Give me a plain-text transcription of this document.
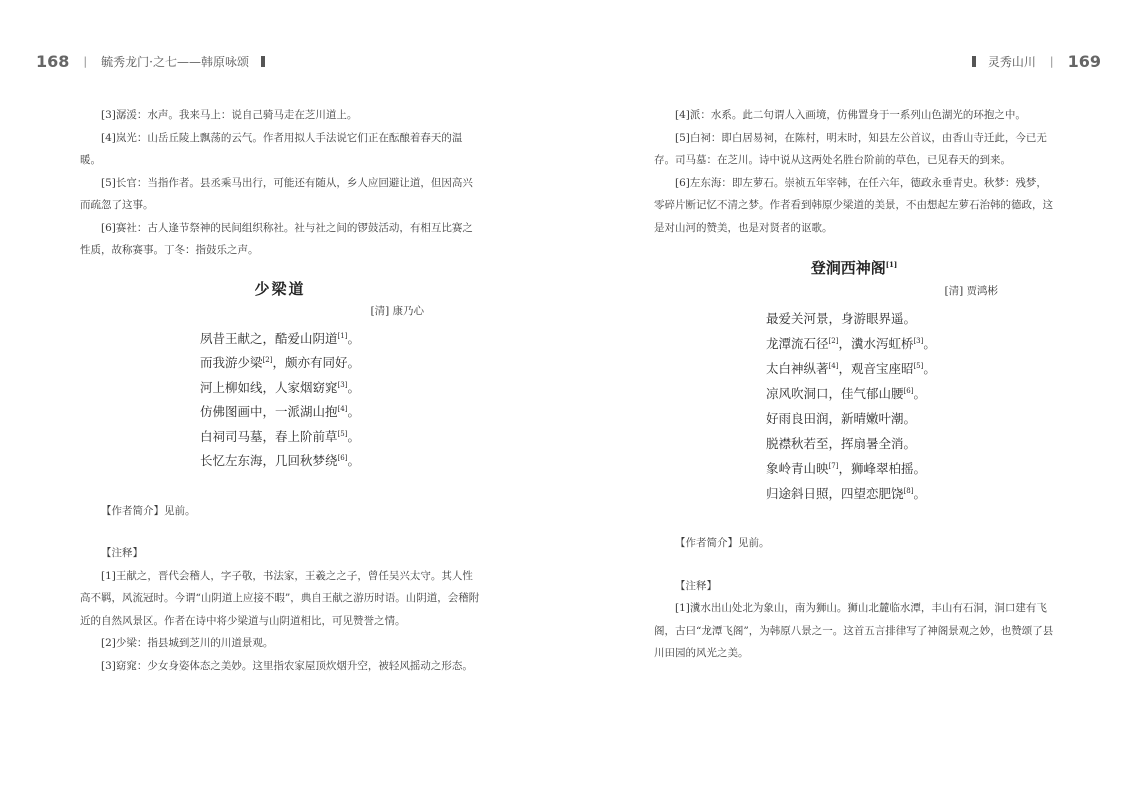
168 | 毓秀龙门·之七——韩原咏颂	灵秀山川 | 169

[3]潺湲：水声。我来马上：说自己骑马走在芝川道上。

[4]岚光：山岳丘陵上飘荡的云气。作者用拟人手法说它们正在酝酿着春天的温暖。

[5]长官：当指作者。县丞乘马出行，可能还有随从，乡人应回避让道，但因高兴而疏忽了这事。

[6]赛社：古人逢节祭神的民间组织称社。社与社之间的锣鼓活动，有相互比赛之性质，故称赛事。丁冬：指鼓乐之声。

少梁道

[清] 康乃心

夙昔王献之，酷爱山阴道[1]。
而我游少梁[2]，颇亦有同好。
河上柳如线，人家烟窈窕[3]。
仿佛图画中，一派湖山抱[4]。
白祠司马墓，春上阶前草[5]。
长忆左东海，几回秋梦绕[6]。

【作者简介】见前。

【注释】

[1]王献之，晋代会稽人，字子敬，书法家，王羲之之子，曾任吴兴太守。其人性高不羁，风流冠时。今谓“山阴道上应接不暇”，典自王献之游历时语。山阴道，会稽附近的自然风景区。作者在诗中将少梁道与山阴道相比，可见赞誉之情。

[2]少梁：指县城到芝川的川道景观。

[3]窈窕：少女身姿体态之美妙。这里指农家屋顶炊烟升空，被轻风摇动之形态。

[4]派：水系。此二句谓人入画境，仿佛置身于一系列山色湖光的环抱之中。

[5]白祠：即白居易祠，在陈村，明末时，知县左公首议，由香山寺迁此，今已无存。司马墓：在芝川。诗中说从这两处名胜台阶前的草色，已见春天的到来。

[6]左东海：即左萝石。崇祯五年宰韩，在任六年，德政永垂青史。秋梦：残梦，零碎片断记忆不清之梦。作者看到韩原少梁道的美景，不由想起左萝石治韩的德政，这是对山河的赞美，也是对贤者的讴歌。

登涧西神阁[1]

[清] 贾鸿彬

最爱关河景，身游眼界遥。
龙潭流石径[2]，瀵水泻虹桥[3]。
太白神纵著[4]，观音宝座昭[5]。
凉风吹洞口，佳气郁山腰[6]。
好雨良田润，新晴嫩叶潮。
脱襟秋若至，挥扇暑全消。
象岭青山映[7]，狮峰翠柏摇。
归途斜日照，四望恋肥饶[8]。

【作者简介】见前。

【注释】

[1]瀵水出山处北为象山，南为狮山。狮山北麓临水潭，丰山有石洞，洞口建有飞阁，古曰“龙潭飞阁”，为韩原八景之一。这首五言排律写了神阁景观之妙，也赞颂了县川田园的风光之美。
